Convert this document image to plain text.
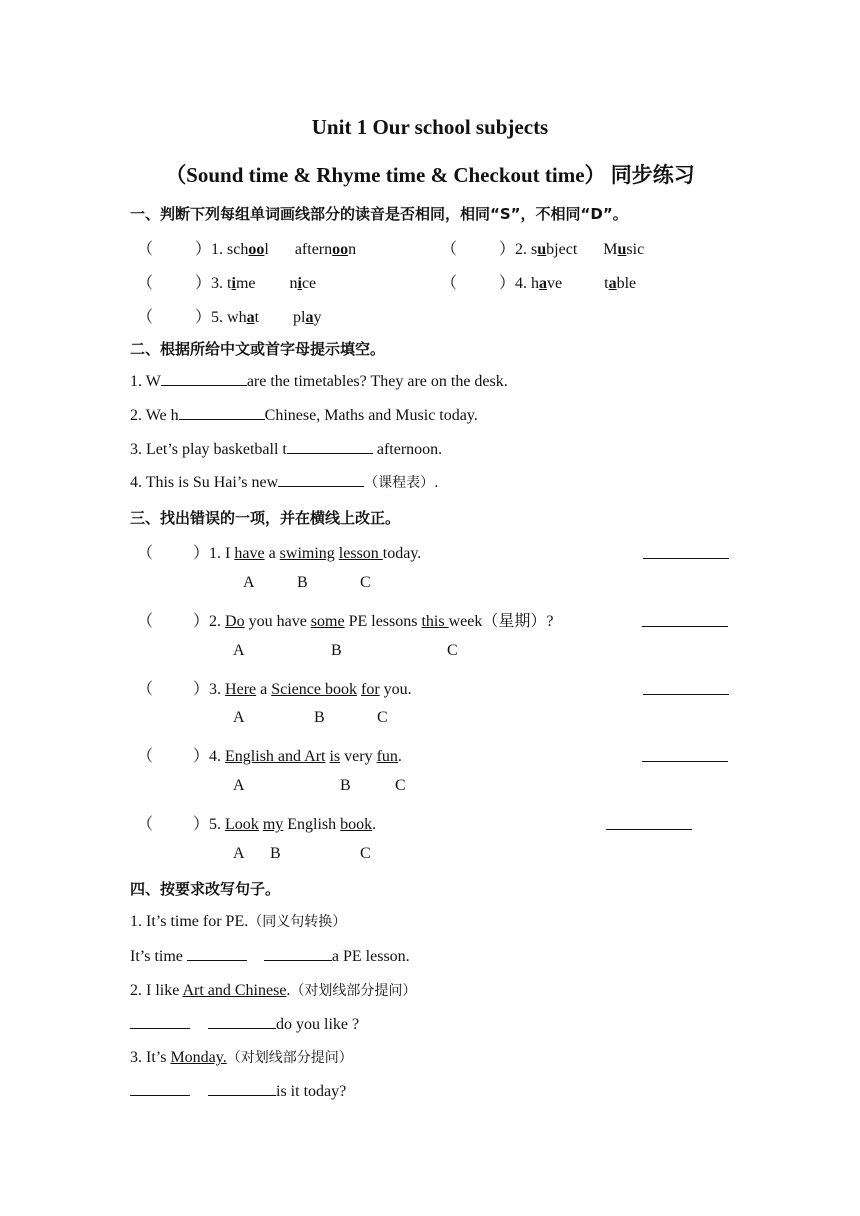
Unit 1 Our school subjects
（Sound time & Rhyme time & Checkout time） 同步练习
一、判断下列每组单词画线部分的读音是否相同，相同“S”，不相同“D”。
（	）1. school afternoon	（	）2. subject Music
（	）3. time nice	（	）4. have	table
（	）5. what play
二、根据所给中文或首字母提示填空。
1. W	are the timetables? They are on the desk.
2. We h	Chinese, Maths and Music today.
3. Let’s play basketball t	afternoon.
4. This is Su Hai’s new	（课程表）.
三、找出错误的一项，并在横线上改正。
（	）1. I have a swiming lesson today.
A	B	C
（	）2. Do you have some PE lessons this week（星期）?
A	B	C
（	）3. Here a Science book for you.
A	B	C
（	）4. English and Art is very fun.
A	B	C
（	）5. Look my English book.
A B	C
四、按要求改写句子。
1. It’s time for PE.（同义句转换）
It’s time	a PE lesson.
2. I like Art and Chinese.（对划线部分提问）
do you like ?
3. It’s Monday.（对划线部分提问）
is it today?
